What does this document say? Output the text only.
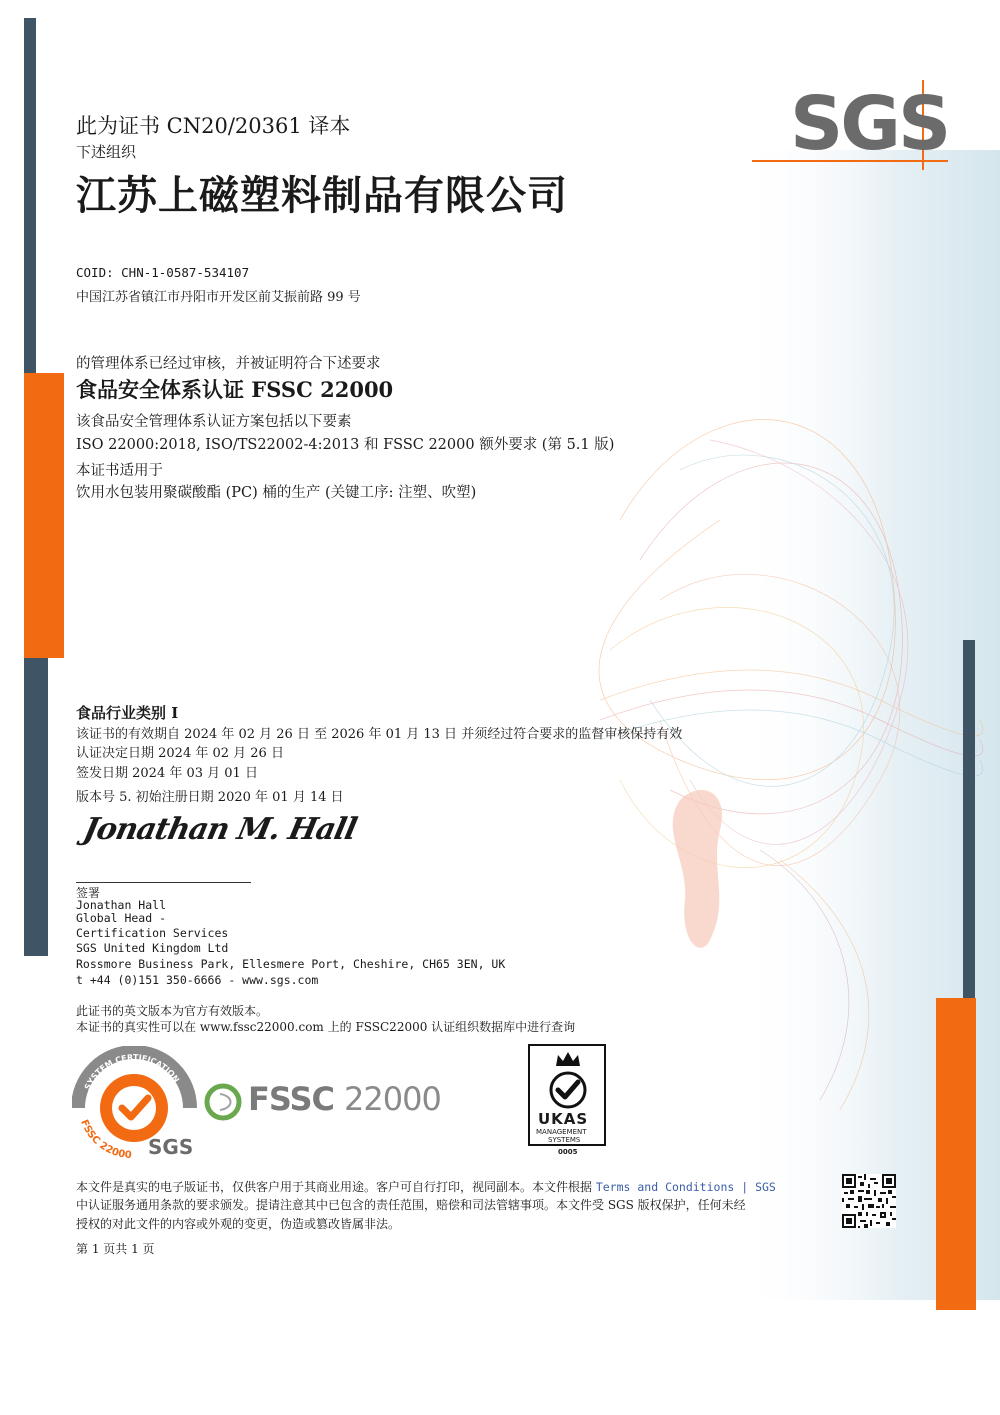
SGS
此为证书 CN20/20361 译本
下述组织
江苏上磁塑料制品有限公司
COID: CHN-1-0587-534107
中国江苏省镇江市丹阳市开发区前艾振前路 99 号
的管理体系已经过审核，并被证明符合下述要求
食品安全体系认证 FSSC 22000
该食品安全管理体系认证方案包括以下要素
ISO 22000:2018, ISO/TS22002-4:2013 和 FSSC 22000 额外要求 (第 5.1 版)
本证书适用于
饮用水包装用聚碳酸酯 (PC) 桶的生产 (关键工序: 注塑、吹塑)
食品行业类别 I
该证书的有效期自 2024 年 02 月 26 日 至 2026 年 01 月 13 日 并须经过符合要求的监督审核保持有效
认证决定日期 2024 年 02 月 26 日
签发日期 2024 年 03 月 01 日
版本号 5. 初始注册日期 2020 年 01 月 14 日
Jonathan M. Hall
签署
Jonathan Hall
Global Head -
Certification Services
SGS United Kingdom Ltd
Rossmore Business Park, Ellesmere Port, Cheshire, CH65 3EN, UK
t +44 (0)151 350-6666 - www.sgs.com
此证书的英文版本为官方有效版本。
本证书的真实性可以在 www.fssc22000.com 上的 FSSC22000 认证组织数据库中进行查询
SYSTEM CERTIFICATION
FSSC 22000 SGS
FSSC 22000
UKAS
MANAGEMENT
SYSTEMS
0005
本文件是真实的电子版证书，仅供客户用于其商业用途。客户可自行打印，视同副本。本文件根据 Terms and Conditions | SGS
中认证服务通用条款的要求颁发。提请注意其中已包含的责任范围，赔偿和司法管辖事项。本文件受 SGS 版权保护，任何未经
授权的对此文件的内容或外观的变更，伪造或篡改皆属非法。
第 1 页共 1 页
